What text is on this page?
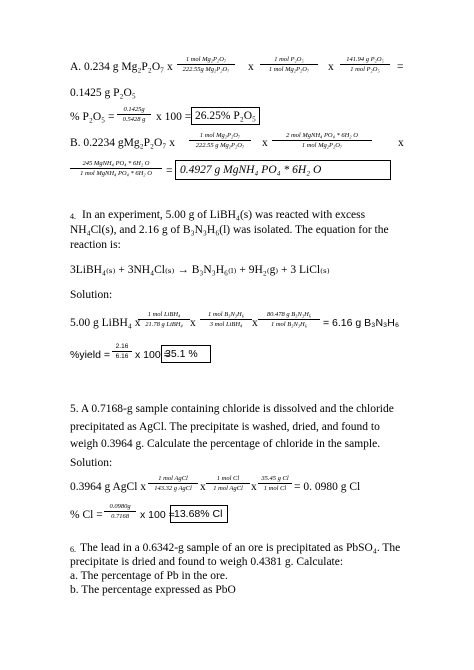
A. 0.234 g Mg₂P₂O₇ x
1 mol Mg₂P₂O₇
222.55g Mg₂P₂O₇	x
1 mol P₂O₅
1 mol Mg₂P₂O₇	x
141.94 g P₂O₅
1 mol P₂O₅	=
0.1425 g P₂O₅
% $P_2O_5 = \frac{0.1425g}{0.5428 g}$ x 100 = 26.25% P₂O₅
B. 0.2234 gMg₂P₂O₇ x
1 mol Mg₂P₂O₇
222.55 g Mg₂P₂O₇	x
2 mol MgNH₄ PO₄ * 6H₂ O
1 mol Mg₂P₂O₇	x
245 MgNH₄ PO₄ * 6H₂ O
1 mol MgNH₄ PO₄ * 6H₂ O	= 0.4927 g MgNH₄ PO₄ * 6H₂ O
4. In an experiment, 5.00 g of LiBH₄(s) was reacted with excess
NH₄Cl(s), and 2.16 g of B₃N₃H₆(l) was isolated. The equation for the
reaction is:
3LiBH₄₍ₛ₎ + 3NH₄Cl₍ₛ₎ → B₃N₃H₆₍ₗ₎ + 9H₂₍g₎ + 3 LiCl₍ₛ₎
Solution:
5.00 g LiBH₄ x
1 mol LiBH₄
21.78 g LiBH₄ x
1 mol B₃N₃H₆
3 mol LiBH₄ x
80.478 g B₃N₃H₆
1 mol B₃N₃H₆	= 6.16 g B₃N₃H₆
%yield = $\frac{2.16}{6.16}$ x 100 =
35.1 %
5. A 0.7168-g sample containing chloride is dissolved and the chloride
precipitated as AgCl. The precipitate is washed, dried, and found to
weigh 0.3964 g. Calculate the percentage of chloride in the sample.
Solution:
0.3964 g AgCl x
1 mol AgCl
143.32 g AgCl x
1 mol Cl
1 mol AgCl x
35.45 g Cl
1 mol Cl = 0. 0980 g Cl
% $Cl = \frac{0.0980g}{0.7168}$ x 100 = 13.68% Cl
6. The lead in a 0.6342-g sample of an ore is precipitated as PbSO₄. The
precipitate is dried and found to weigh 0.4381 g. Calculate:
a. The percentage of Pb in the ore.
b. The percentage expressed as PbO
